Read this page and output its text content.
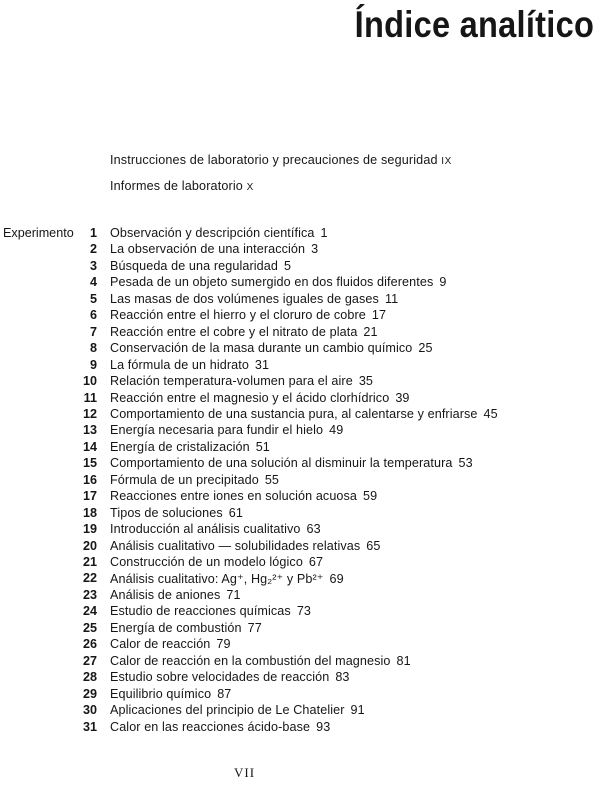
Índice analítico
Instrucciones de laboratorio y precauciones de seguridad IX
Informes de laboratorio X
Experimento	1 Observación y descripción científica 1
2 La observación de una interacción 3
3 Búsqueda de una regularidad 5
4 Pesada de un objeto sumergido en dos fluidos diferentes 9
5 Las masas de dos volúmenes iguales de gases 11
6 Reacción entre el hierro y el cloruro de cobre 17
7 Reacción entre el cobre y el nitrato de plata 21
8 Conservación de la masa durante un cambio químico 25
9 La fórmula de un hidrato 31
10 Relación temperatura-volumen para el aire 35
11 Reacción entre el magnesio y el ácido clorhídrico 39
12 Comportamiento de una sustancia pura, al calentarse y enfriarse 45
13 Energía necesaria para fundir el hielo 49
14 Energía de cristalización 51
15 Comportamiento de una solución al disminuir la temperatura 53
16 Fórmula de un precipitado 55
17 Reacciones entre iones en solución acuosa 59
18 Tipos de soluciones 61
19 Introducción al análisis cualitativo 63
20 Análisis cualitativo — solubilidades relativas 65
21 Construcción de un modelo lógico 67
22 Análisis cualitativo: Ag⁺, Hg₂²⁺ y Pb²⁺ 69
23 Análisis de aniones 71
24 Estudio de reacciones químicas 73
25 Energía de combustión 77
26 Calor de reacción 79
27 Calor de reacción en la combustión del magnesio 81
28 Estudio sobre velocidades de reacción 83
29 Equilibrio químico 87
30 Aplicaciones del principio de Le Chatelier 91
31 Calor en las reacciones ácido-base 93
VII
